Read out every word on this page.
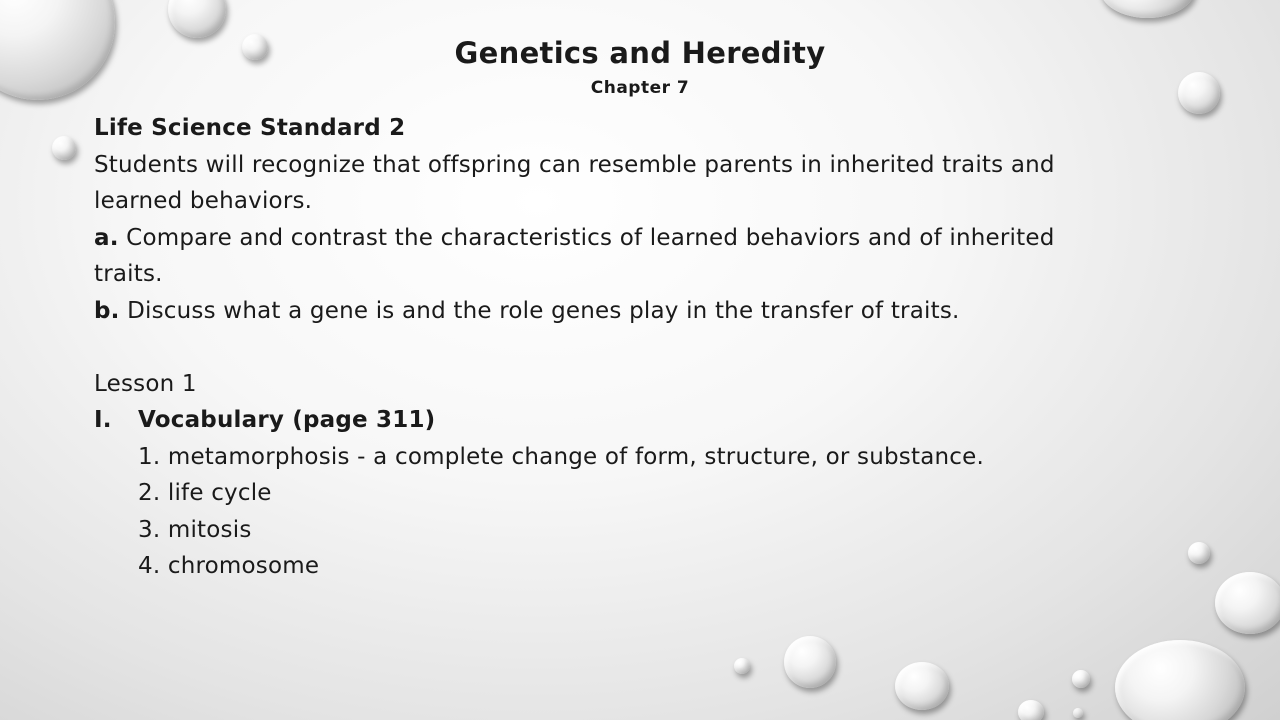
Genetics and Heredity
Chapter 7
Life Science Standard 2
Students will recognize that offspring can resemble parents in inherited traits and
learned behaviors.
a. Compare and contrast the characteristics of learned behaviors and of inherited
traits.
b. Discuss what a gene is and the role genes play in the transfer of traits.
Lesson 1
I. Vocabulary (page 311)
1. metamorphosis - a complete change of form, structure, or substance.
2. life cycle
3. mitosis
4. chromosome
